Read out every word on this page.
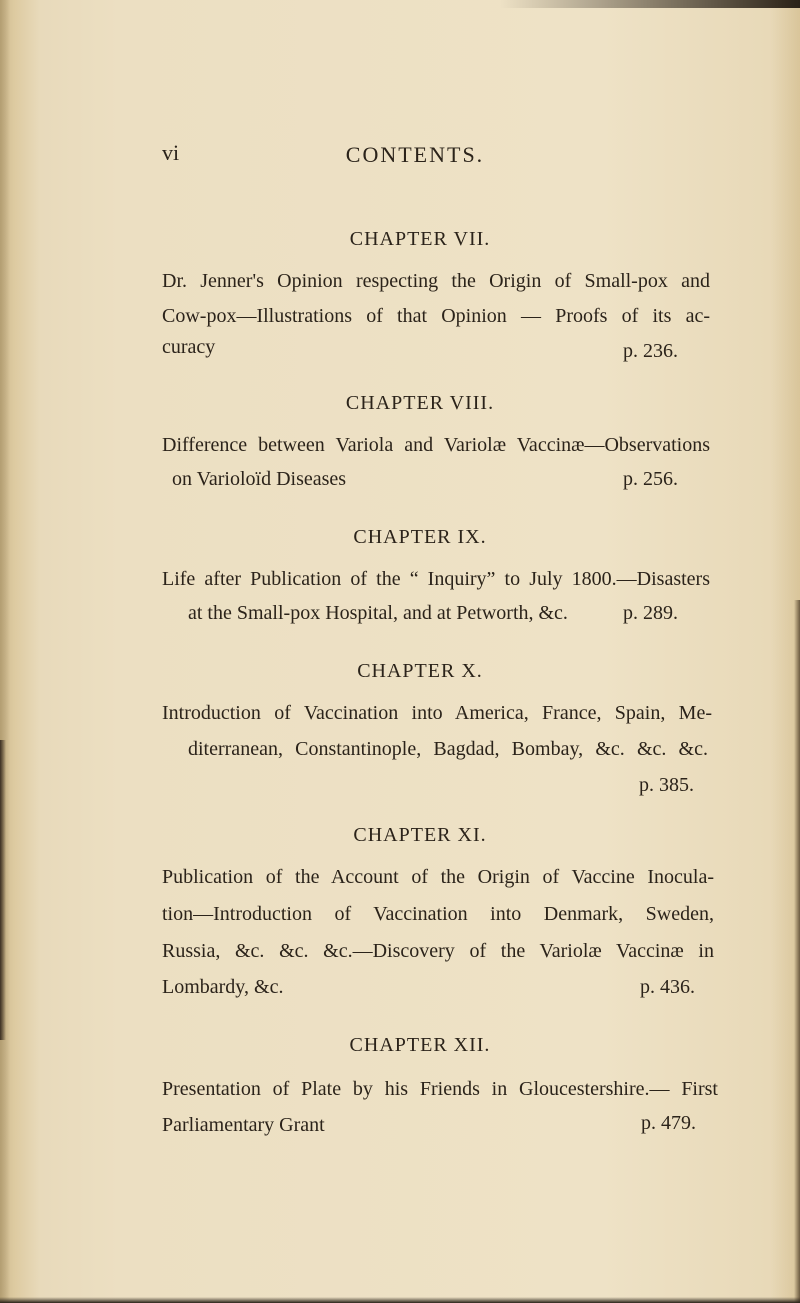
vi	CONTENTS.
CHAPTER VII.
Dr. Jenner's Opinion respecting the Origin of Small-pox and
Cow-pox—Illustrations of that Opinion — Proofs of its ac-
curacy	p. 236.
CHAPTER VIII.
Difference between Variola and Variolæ Vaccinæ—Observations
on Varioloïd Diseases	p. 256.
CHAPTER IX.
Life after Publication of the “ Inquiry” to July 1800.—Disasters
at the Small-pox Hospital, and at Petworth, &c.	p. 289.
CHAPTER X.
Introduction of Vaccination into America, France, Spain, Me-
diterranean, Constantinople, Bagdad, Bombay, &c. &c. &c.
p. 385.
CHAPTER XI.
Publication of the Account of the Origin of Vaccine Inocula-
tion—Introduction of Vaccination into Denmark, Sweden,
Russia, &c. &c. &c.—Discovery of the Variolæ Vaccinæ in
Lombardy, &c.	p. 436.
CHAPTER XII.
Presentation of Plate by his Friends in Gloucestershire.— First
Parliamentary Grant	p. 479.
